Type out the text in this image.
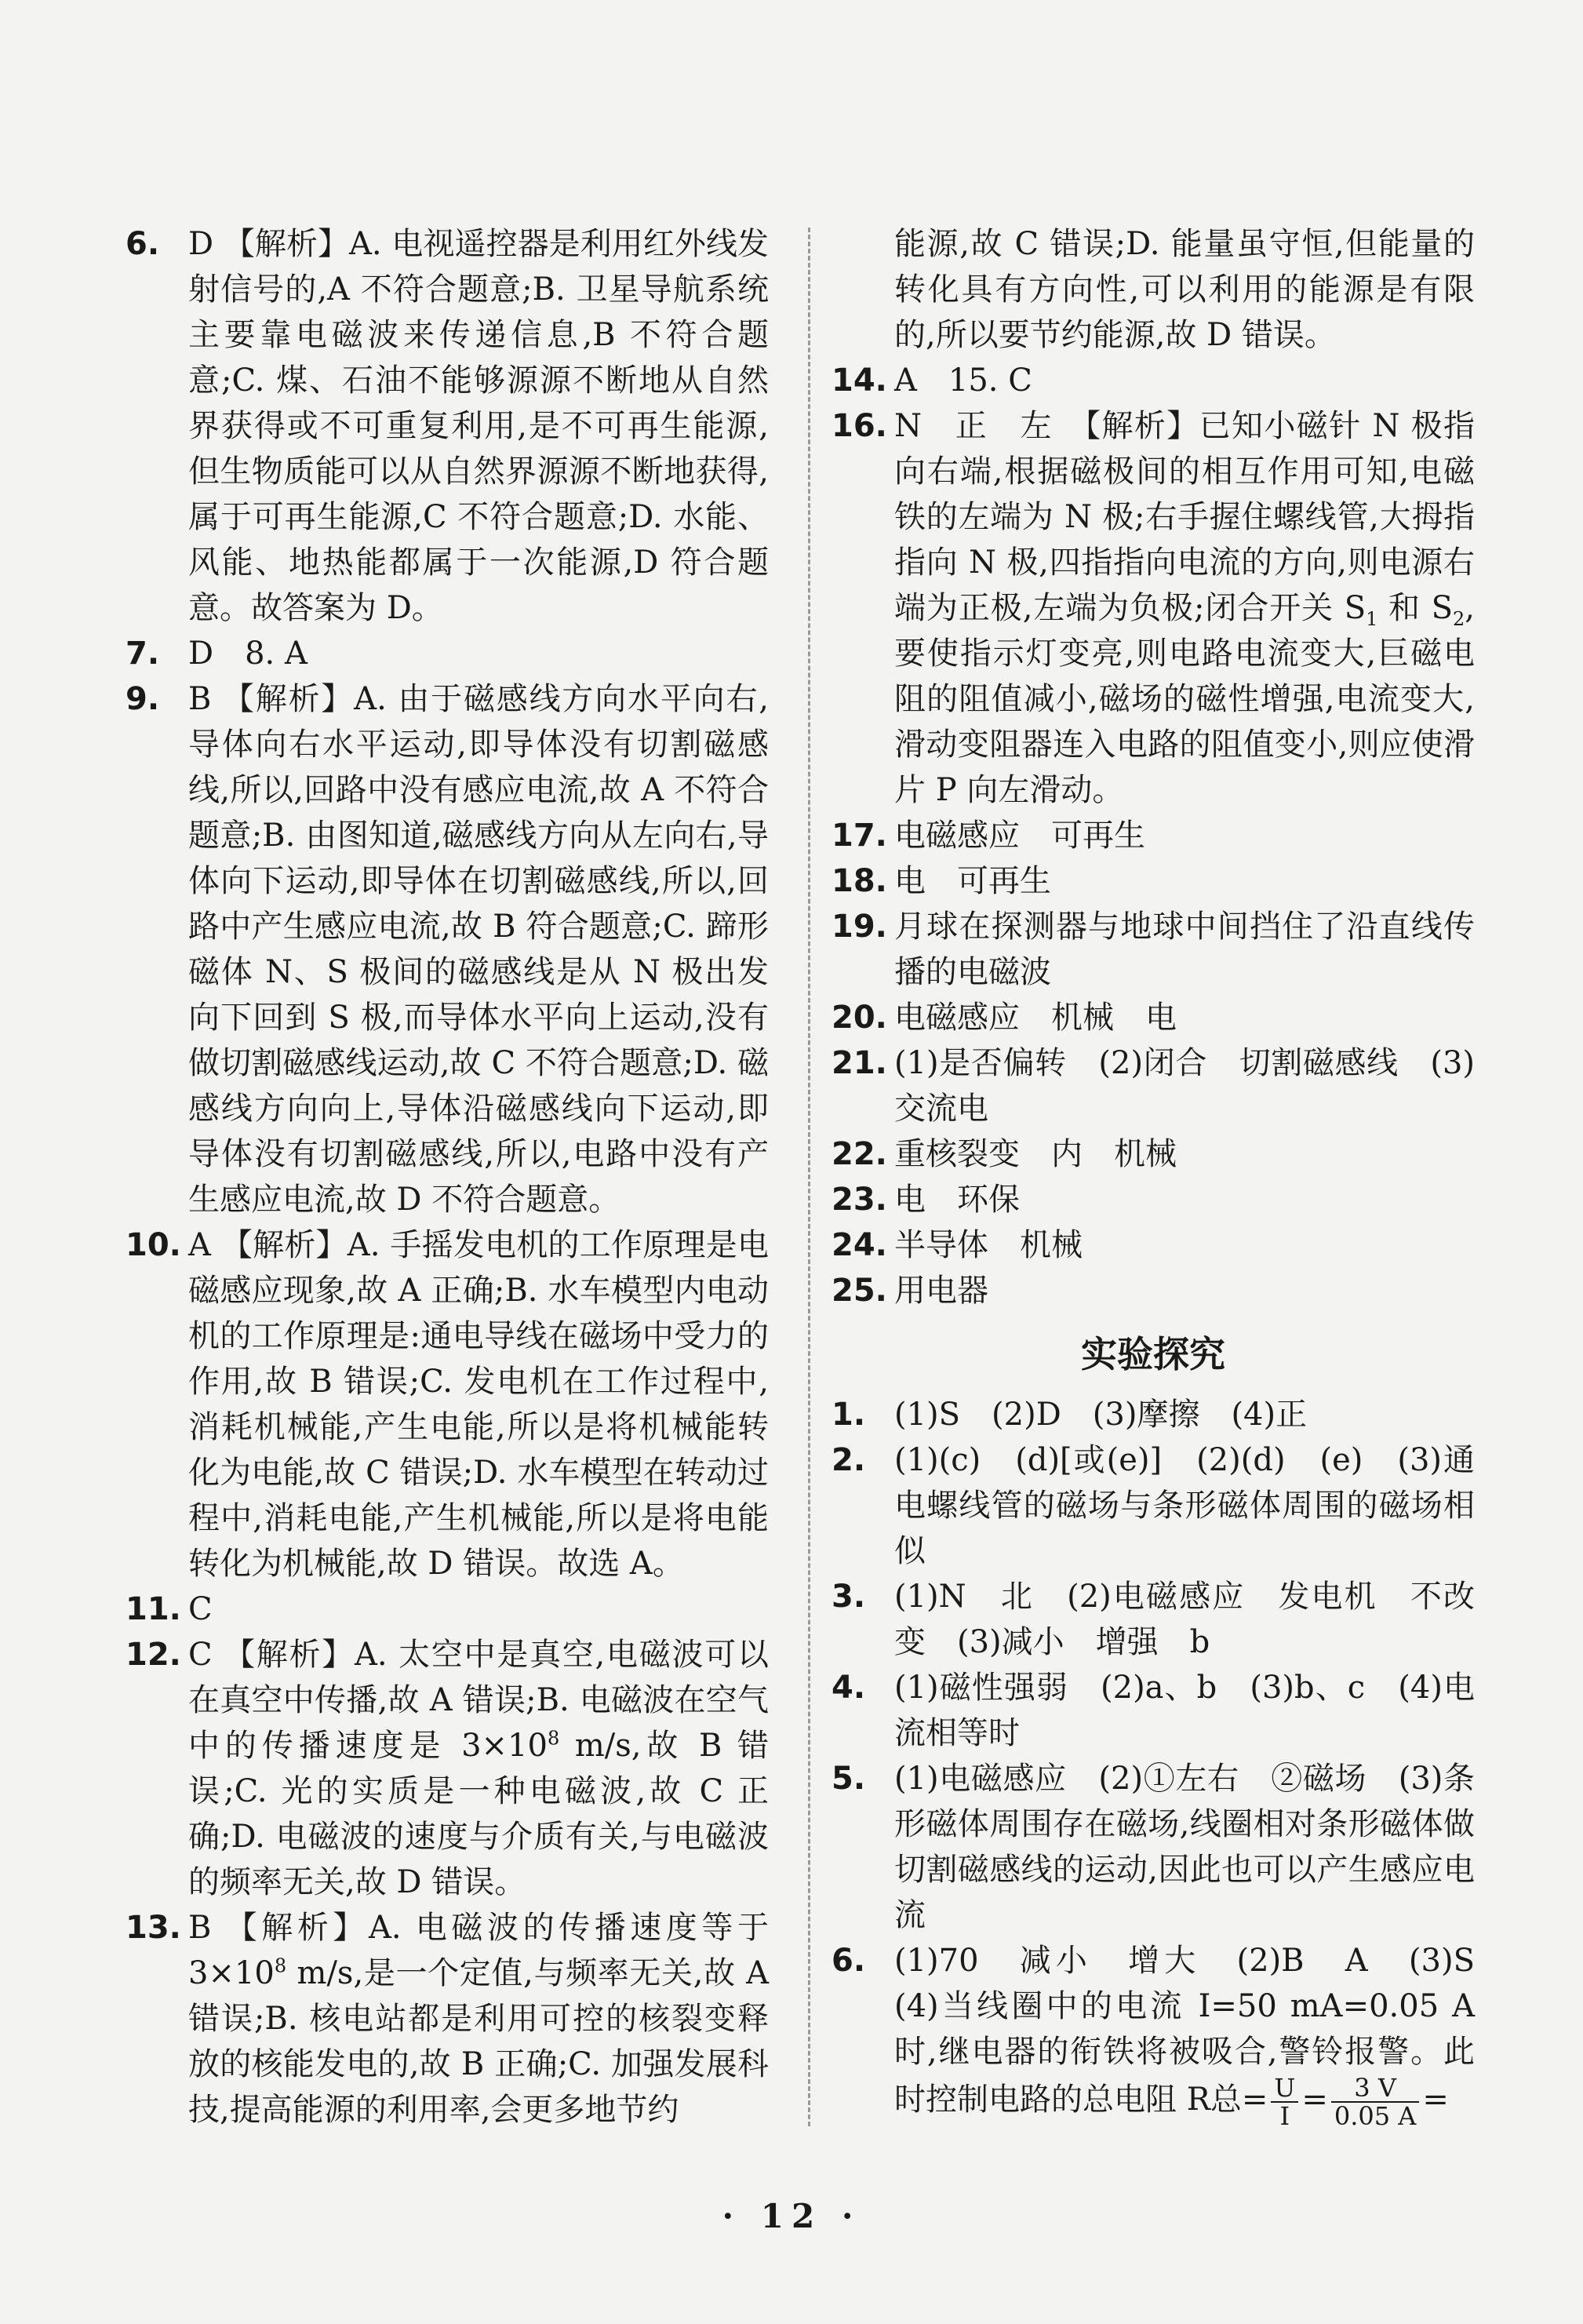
6. D 【解析】A. 电视遥控器是利用红外线发射信号的,A 不符合题意;B. 卫星导航系统主要靠电磁波来传递信息,B 不符合题意;C. 煤、石油不能够源源不断地从自然界获得或不可重复利用,是不可再生能源,但生物质能可以从自然界源源不断地获得,属于可再生能源,C 不符合题意;D. 水能、风能、地热能都属于一次能源,D 符合题意。故答案为 D。

7. D　8. A

9. B 【解析】A. 由于磁感线方向水平向右,导体向右水平运动,即导体没有切割磁感线,所以,回路中没有感应电流,故 A 不符合题意;B. 由图知道,磁感线方向从左向右,导体向下运动,即导体在切割磁感线,所以,回路中产生感应电流,故 B 符合题意;C. 蹄形磁体 N、S 极间的磁感线是从 N 极出发向下回到 S 极,而导体水平向上运动,没有做切割磁感线运动,故 C 不符合题意;D. 磁感线方向向上,导体沿磁感线向下运动,即导体没有切割磁感线,所以,电路中没有产生感应电流,故 D 不符合题意。

10. A 【解析】A. 手摇发电机的工作原理是电磁感应现象,故 A 正确;B. 水车模型内电动机的工作原理是:通电导线在磁场中受力的作用,故 B 错误;C. 发电机在工作过程中,消耗机械能,产生电能,所以是将机械能转化为电能,故 C 错误;D. 水车模型在转动过程中,消耗电能,产生机械能,所以是将电能转化为机械能,故 D 错误。故选 A。

11. C

12. C 【解析】A. 太空中是真空,电磁波可以在真空中传播,故 A 错误;B. 电磁波在空气中的传播速度是 $3\times 10^8$ m/s,故 B 错误;C. 光的实质是一种电磁波,故 C 正确;D. 电磁波的速度与介质有关,与电磁波的频率无关,故 D 错误。

13. B 【解析】A. 电磁波的传播速度等于$3\times 10^8$ m/s,是一个定值,与频率无关,故 A 错误;B. 核电站都是利用可控的核裂变释放的核能发电的,故 B 正确;C. 加强发展科技,提高能源的利用率,会更多地节约

能源,故 C 错误;D. 能量虽守恒,但能量的转化具有方向性,可以利用的能源是有限的,所以要节约能源,故 D 错误。

14. A　15. C

16. N　正　左　【解析】已知小磁针 N 极指向右端,根据磁极间的相互作用可知,电磁铁的左端为 N 极;右手握住螺线管,大拇指指向 N 极,四指指向电流的方向,则电源右端为正极,左端为负极;闭合开关 $S_1$ 和 $S_2$,要使指示灯变亮,则电路电流变大,巨磁电阻的阻值减小,磁场的磁性增强,电流变大,滑动变阻器连入电路的阻值变小,则应使滑片 P 向左滑动。

17. 电磁感应　可再生

18. 电　可再生

19. 月球在探测器与地球中间挡住了沿直线传播的电磁波

20. 电磁感应　机械　电

21. (1)是否偏转　(2)闭合　切割磁感线　(3)交流电

22. 重核裂变　内　机械

23. 电　环保

24. 半导体　机械

25. 用电器

实验探究

1. (1)S　(2)D　(3)摩擦　(4)正

2. (1)(c)　(d)[或(e)]　(2)(d)　(e)　(3)通电螺线管的磁场与条形磁体周围的磁场相似

3. (1)N　北　(2)电磁感应　发电机　不改变　(3)减小　增强　b

4. (1)磁性强弱　(2)a、b　(3)b、c　(4)电流相等时

5. (1)电磁感应　(2)①左右　②磁场　(3)条形磁体周围存在磁场,线圈相对条形磁体做切割磁感线的运动,因此也可以产生感应电流

6. (1)70　减小　增大　(2)B　A　(3)S　(4)当线圈中的电流 I=50 mA=0.05 A 时,继电器的衔铁将被吸合,警铃报警。此时控制电路的总电阻 R总= $\frac{U}{I} = \frac{3 V}{0.05 A}$ =

· 12 ·
